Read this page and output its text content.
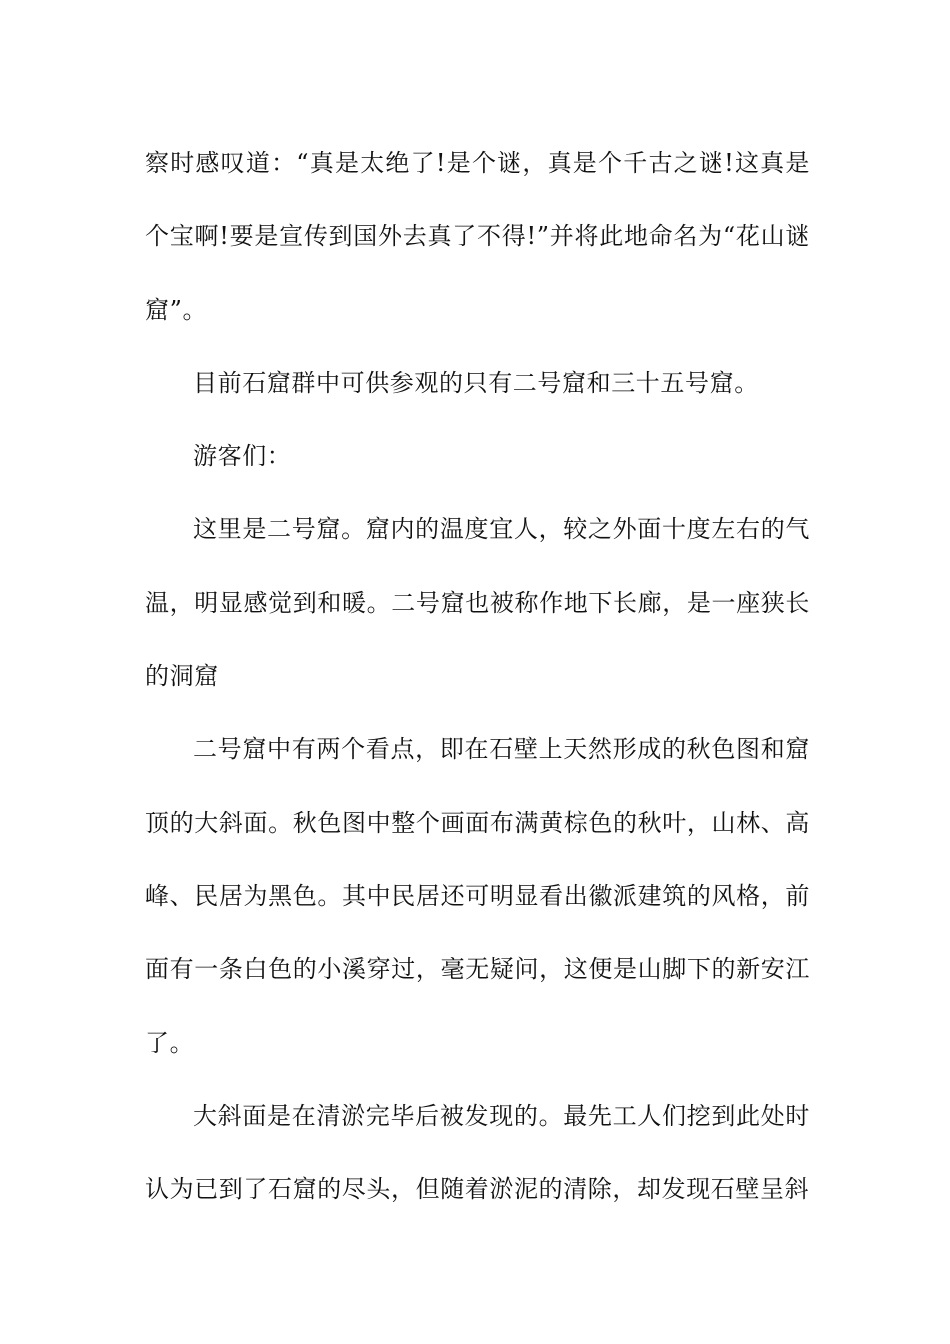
察时感叹道：“真是太绝了!是个谜，真是个千古之谜!这真是个宝啊!要是宣传到国外去真了不得!”并将此地命名为“花山谜窟”。

目前石窟群中可供参观的只有二号窟和三十五号窟。

游客们：

这里是二号窟。窟内的温度宜人，较之外面十度左右的气温，明显感觉到和暖。二号窟也被称作地下长廊，是一座狭长的洞窟

二号窟中有两个看点，即在石壁上天然形成的秋色图和窟顶的大斜面。秋色图中整个画面布满黄棕色的秋叶，山林、高峰、民居为黑色。其中民居还可明显看出徽派建筑的风格，前面有一条白色的小溪穿过，毫无疑问，这便是山脚下的新安江了。

大斜面是在清淤完毕后被发现的。最先工人们挖到此处时认为已到了石窟的尽头，但随着淤泥的清除，却发现石壁呈斜
